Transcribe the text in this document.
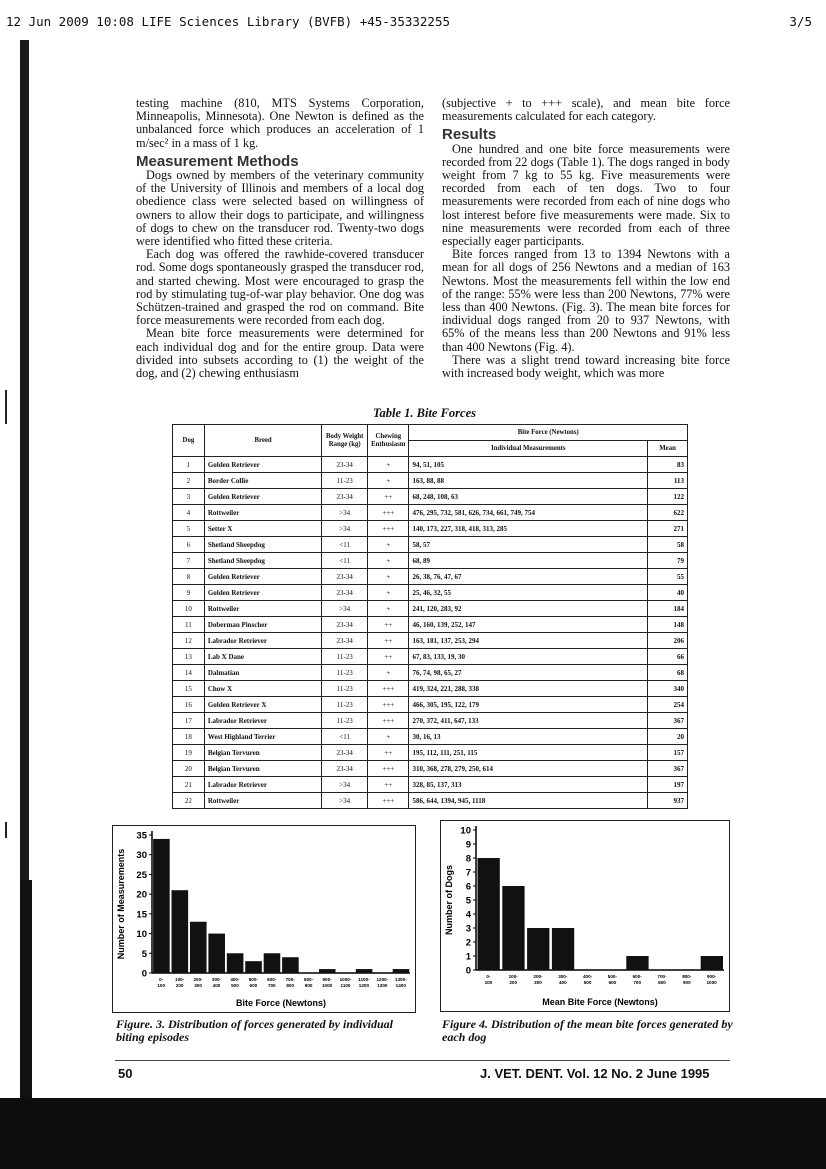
12 Jun 2009 10:08 LIFE Sciences Library (BVFB) +45-35332255	3/5

testing machine (810, MTS Systems Corporation, Minneapolis, Minnesota). One Newton is defined as the unbalanced force which produces an acceleration of 1 m/sec² in a mass of 1 kg.

Measurement Methods

Dogs owned by members of the veterinary community of the University of Illinois and members of a local dog obedience class were selected based on willingness of owners to allow their dogs to participate, and willingness of dogs to chew on the transducer rod. Twenty-two dogs were identified who fitted these criteria.

Each dog was offered the rawhide-covered transducer rod. Some dogs spontaneously grasped the transducer rod, and started chewing. Most were encouraged to grasp the rod by stimulating tug-of-war play behavior. One dog was Schützen-trained and grasped the rod on command. Bite force measurements were recorded from each dog.

Mean bite force measurements were determined for each individual dog and for the entire group. Data were divided into subsets according to (1) the weight of the dog, and (2) chewing enthusiasm

(subjective + to +++ scale), and mean bite force measurements calculated for each category.

Results

One hundred and one bite force measurements were recorded from 22 dogs (Table 1). The dogs ranged in body weight from 7 kg to 55 kg. Five measurements were recorded from each of ten dogs. Two to four measurements were recorded from each of nine dogs who lost interest before five measurements were made. Six to nine measurements were recorded from each of three especially eager participants.

Bite forces ranged from 13 to 1394 Newtons with a mean for all dogs of 256 Newtons and a median of 163 Newtons. Most the measurements fell within the low end of the range: 55% were less than 200 Newtons, 77% were less than 400 Newtons. (Fig. 3). The mean bite forces for individual dogs ranged from 20 to 937 Newtons, with 65% of the means less than 200 Newtons and 91% less than 400 Newtons (Fig. 4).

There was a slight trend toward increasing bite force with increased body weight, which was more

Table 1. Bite Forces
Dog	Breed	Body Weight Range (kg)	Chewing Enthusiasm	Bite Force (Newtons)	
				Individual Measurements	Mean
1	Golden Retriever	23-34	+	94, 51, 105	83
2	Border Collie	11-23	+	163, 88, 88	113
3	Golden Retriever	23-34	++	68, 248, 108, 63	122
4	Rottweiler	>34	+++	476, 295, 732, 581, 626, 734, 661, 749, 754	622
5	Setter X	>34	+++	140, 173, 227, 318, 418, 313, 285	271
6	Shetland Sheepdog	<11	+	58, 57	58
7	Shetland Sheepdog	<11	+	68, 89	79
8	Golden Retriever	23-34	+	26, 38, 76, 47, 67	55
9	Golden Retriever	23-34	+	25, 46, 32, 55	40
10	Rottweiler	>34	+	241, 120, 283, 92	184
11	Doberman Pinscher	23-34	++	46, 160, 139, 252, 147	148
12	Labrador Retriever	23-34	++	163, 181, 137, 253, 294	206
13	Lab X Dane	11-23	++	67, 83, 133, 19, 30	66
14	Dalmatian	11-23	+	76, 74, 98, 65, 27	68
15	Chow X	11-23	+++	419, 324, 221, 288, 338	340
16	Golden Retriever X	11-23	+++	466, 305, 195, 122, 179	254
17	Labrador Retriever	11-23	+++	270, 372, 411, 647, 133	367
18	West Highland Terrier	<11	+	30, 16, 13	20
19	Belgian Tervuren	23-34	++	195, 112, 111, 251, 115	157
20	Belgian Tervuren	23-34	+++	310, 368, 278, 279, 250, 614	367
21	Labrador Retriever	>34	++	328, 85, 137, 313	197
22	Rottweiler	>34	+++	586, 644, 1394, 945, 1118	937
0
5
10
15
20
25
30
35
0-
100
100-
200
200-
300
300-
400
400-
500
500-
600
600-
700
700-
800
800-
900
900-
1000
1000-
1100
1100-
1200
1200-
1300
1300-
1400
Bite Force (Newtons)
Number of Measurements
0
1
2
3
4
5
6
7
8
9
10
0-
100
100-
200
200-
300
300-
400
400-
500
500-
600
600-
700
700-
800
800-
900
900-
1000
Mean Bite Force (Newtons)
Number of Dogs
Figure. 3. Distribution of forces generated by individual biting episodes
Figure 4. Distribution of the mean bite forces generated by each dog
50	J. VET. DENT. Vol. 12 No. 2 June 1995
